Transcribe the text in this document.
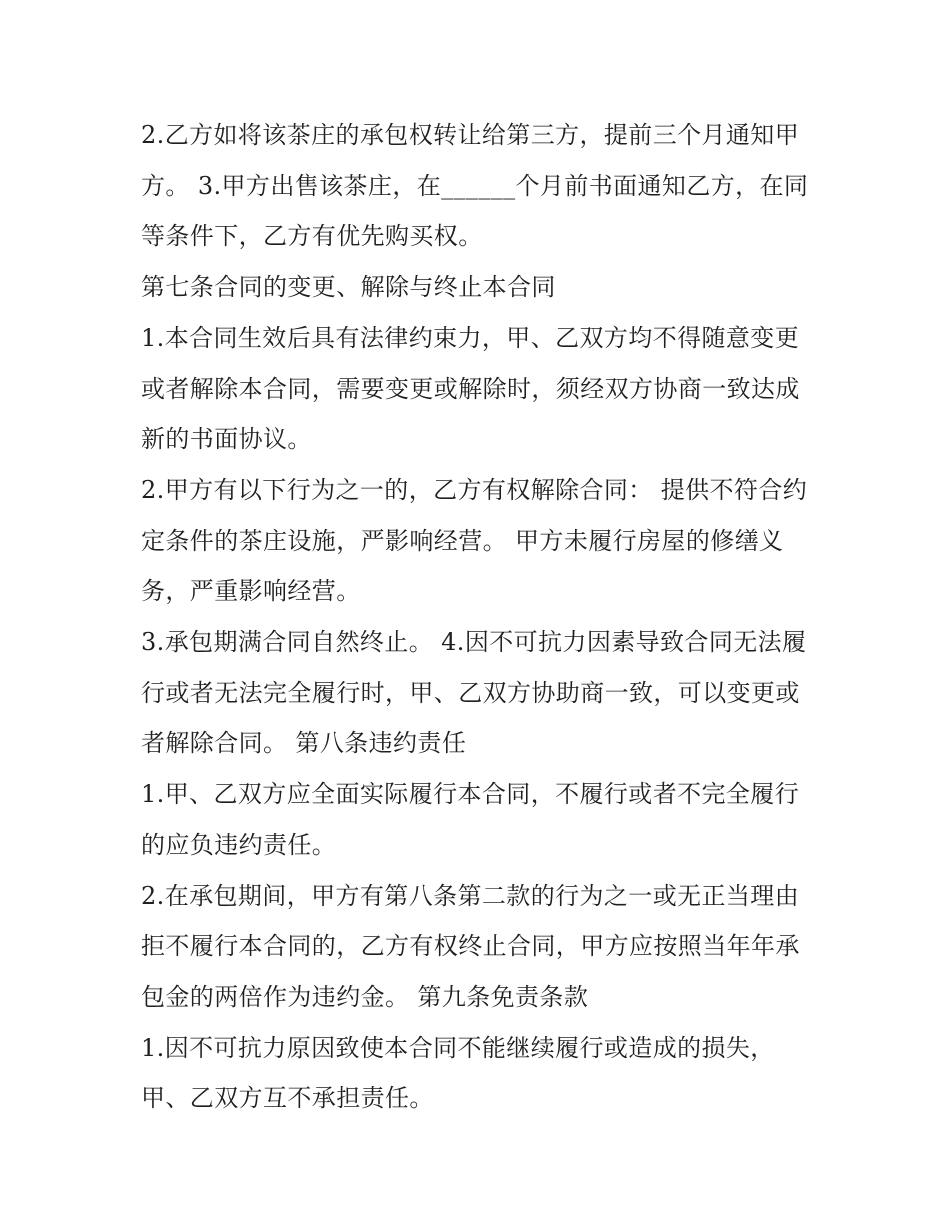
2.乙方如将该茶庄的承包权转让给第三方，提前三个月通知甲方。 3.甲方出售该茶庄，在______个月前书面通知乙方，在同等条件下，乙方有优先购买权。

第七条合同的变更、解除与终止本合同

1.本合同生效后具有法律约束力，甲、乙双方均不得随意变更或者解除本合同，需要变更或解除时，须经双方协商一致达成新的书面协议。

2.甲方有以下行为之一的，乙方有权解除合同： 提供不符合约定条件的茶庄设施，严影响经营。 甲方未履行房屋的修缮义务，严重影响经营。

3.承包期满合同自然终止。 4.因不可抗力因素导致合同无法履行或者无法完全履行时，甲、乙双方协助商一致，可以变更或者解除合同。 第八条违约责任

1.甲、乙双方应全面实际履行本合同，不履行或者不完全履行的应负违约责任。

2.在承包期间，甲方有第八条第二款的行为之一或无正当理由拒不履行本合同的，乙方有权终止合同，甲方应按照当年年承包金的两倍作为违约金。 第九条免责条款

1.因不可抗力原因致使本合同不能继续履行或造成的损失，甲、乙双方互不承担责任。
